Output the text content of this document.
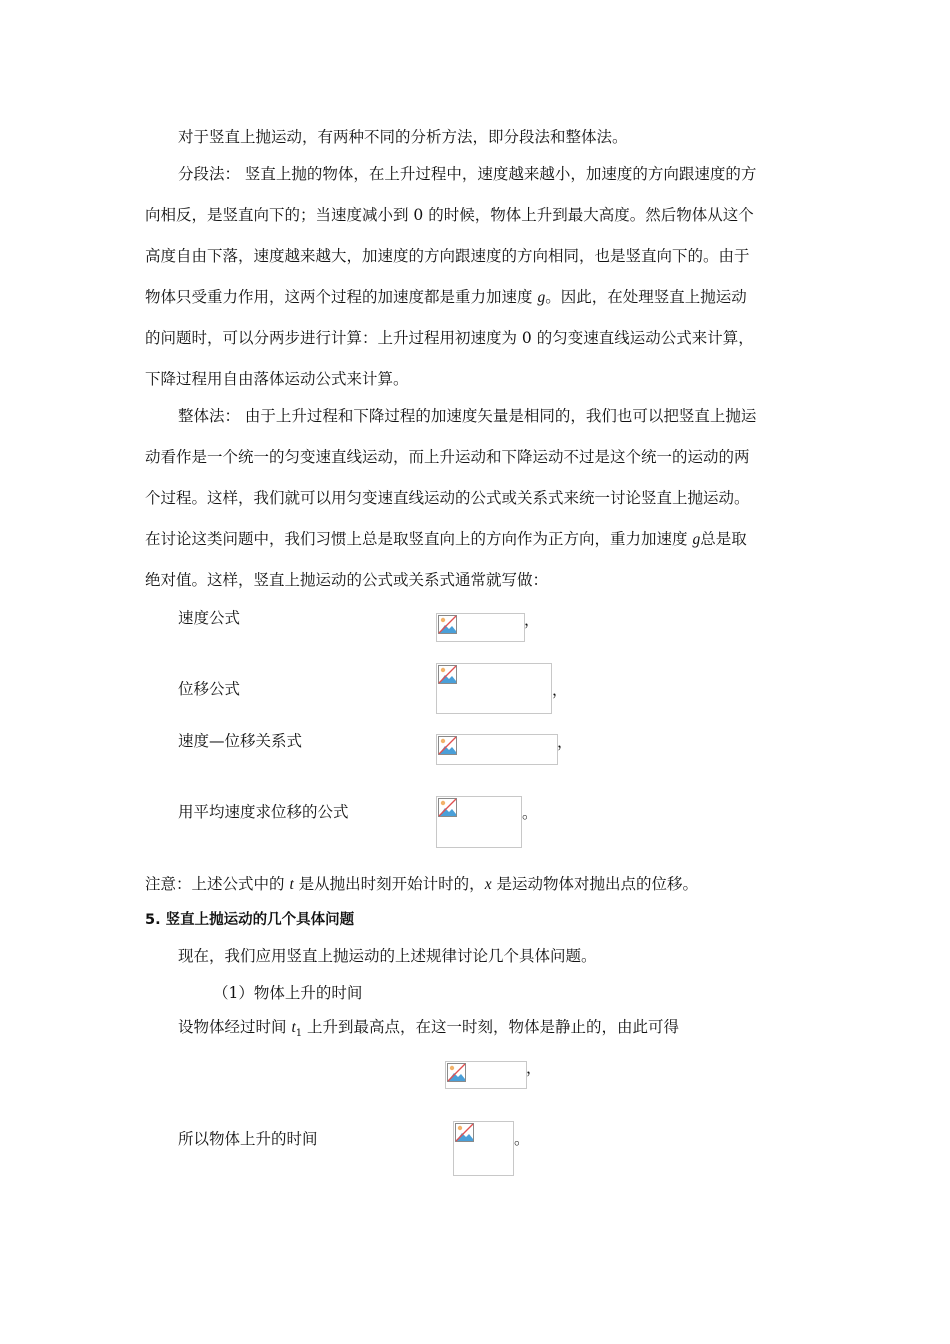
对于竖直上抛运动，有两种不同的分析方法，即分段法和整体法。
分段法： 竖直上抛的物体，在上升过程中，速度越来越小，加速度的方向跟速度的方
向相反，是竖直向下的；当速度减小到 0 的时候，物体上升到最大高度。然后物体从这个
高度自由下落，速度越来越大，加速度的方向跟速度的方向相同，也是竖直向下的。由于
物体只受重力作用，这两个过程的加速度都是重力加速度 g。因此，在处理竖直上抛运动
的问题时，可以分两步进行计算：上升过程用初速度为 0 的匀变速直线运动公式来计算，
下降过程用自由落体运动公式来计算。
整体法： 由于上升过程和下降过程的加速度矢量是相同的，我们也可以把竖直上抛运
动看作是一个统一的匀变速直线运动，而上升运动和下降运动不过是这个统一的运动的两
个过程。这样，我们就可以用匀变速直线运动的公式或关系式来统一讨论竖直上抛运动。
在讨论这类问题中，我们习惯上总是取竖直向上的方向作为正方向，重力加速度 g总是取
绝对值。这样，竖直上抛运动的公式或关系式通常就写做：
速度公式	，
位移公式	，
速度—位移关系式	，
用平均速度求位移的公式	。
注意：上述公式中的 t 是从抛出时刻开始计时的，x 是运动物体对抛出点的位移。
5. 竖直上抛运动的几个具体问题
现在，我们应用竖直上抛运动的上述规律讨论几个具体问题。
（1）物体上升的时间
设物体经过时间 $t_1$ 上升到最高点，在这一时刻，物体是静止的，由此可得
，
所以物体上升的时间	。
